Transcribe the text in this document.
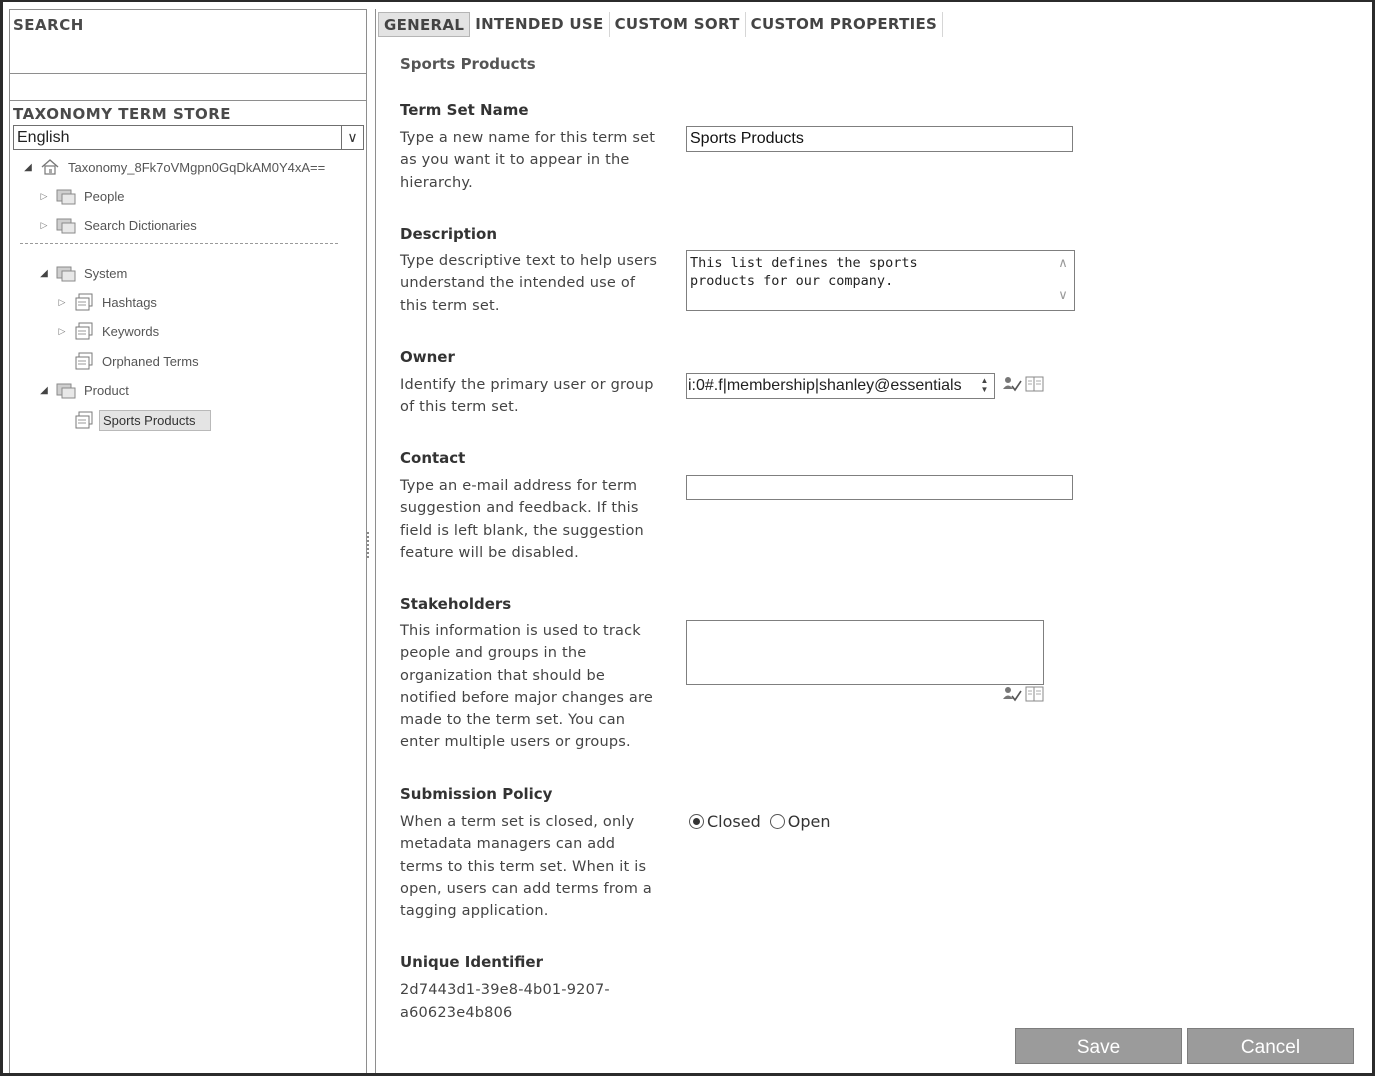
SEARCH
TAXONOMY TERM STORE
English	∨
◢	Taxonomy_8Fk7oVMgpn0GqDkAM0Y4xA==
▷	People
▷	Search Dictionaries
◢	System
▷	Hashtags
▷	Keywords
Orphaned Terms
◢	Product
Sports Products
GENERAL INTENDED USE CUSTOM SORT CUSTOM PROPERTIES
Sports Products
Term Set Name
Type a new name for this term set as you want it to appear in the hierarchy.
Sports Products
Description
Type descriptive text to help users understand the intended use of this term set.
This list defines the sports
products for our company.
∧
∨
Owner
Identify the primary user or group of this term set.
i:0#.f|membership|shanley@essentials	▲
▼
Contact
Type an e-mail address for term suggestion and feedback. If this field is left blank, the suggestion feature will be disabled.
Stakeholders
This information is used to track people and groups in the organization that should be notified before major changes are made to the term set. You can enter multiple users or groups.
Submission Policy
When a term set is closed, only metadata managers can add terms to this term set. When it is open, users can add terms from a tagging application.
Closed Open
Unique Identifier
2d7443d1-39e8-4b01-9207-a60623e4b806
Save	Cancel
